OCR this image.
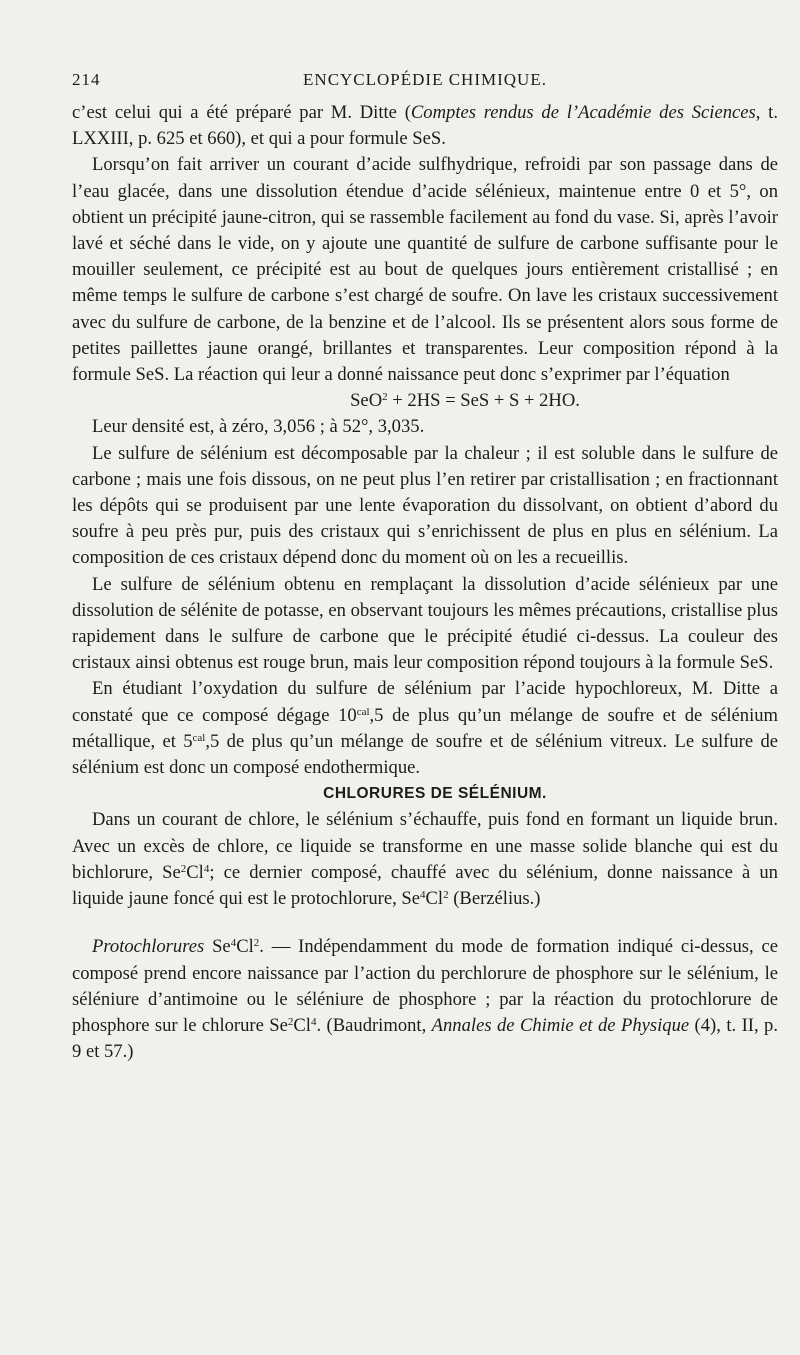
214	ENCYCLOPÉDIE CHIMIQUE.

c’est celui qui a été préparé par M. Ditte (Comptes rendus de l’Académie des Sciences, t. LXXIII, p. 625 et 660), et qui a pour formule SeS.

Lorsqu’on fait arriver un courant d’acide sulfhydrique, refroidi par son passage dans de l’eau glacée, dans une dissolution étendue d’acide sélénieux, maintenue entre 0 et 5°, on obtient un précipité jaune-citron, qui se rassemble facilement au fond du vase. Si, après l’avoir lavé et séché dans le vide, on y ajoute une quantité de sulfure de carbone suffisante pour le mouiller seulement, ce précipité est au bout de quelques jours entièrement cristallisé ; en même temps le sulfure de carbone s’est chargé de soufre. On lave les cristaux successivement avec du sulfure de carbone, de la benzine et de l’alcool. Ils se présentent alors sous forme de petites paillettes jaune orangé, brillantes et transparentes. Leur composition répond à la formule SeS. La réaction qui leur a donné naissance peut donc s’exprimer par l’équation

SeO$^2$ + 2HS = SeS + S + 2HO.

Leur densité est, à zéro, 3,056 ; à 52°, 3,035.

Le sulfure de sélénium est décomposable par la chaleur ; il est soluble dans le sulfure de carbone ; mais une fois dissous, on ne peut plus l’en retirer par cristallisation ; en fractionnant les dépôts qui se produisent par une lente évaporation du dissolvant, on obtient d’abord du soufre à peu près pur, puis des cristaux qui s’enrichissent de plus en plus en sélénium. La composition de ces cristaux dépend donc du moment où on les a recueillis.

Le sulfure de sélénium obtenu en remplaçant la dissolution d’acide sélénieux par une dissolution de sélénite de potasse, en observant toujours les mêmes précautions, cristallise plus rapidement dans le sulfure de carbone que le précipité étudié ci-dessus. La couleur des cristaux ainsi obtenus est rouge brun, mais leur composition répond toujours à la formule SeS.

En étudiant l’oxydation du sulfure de sélénium par l’acide hypochloreux, M. Ditte a constaté que ce composé dégage $10^{cal},5$ de plus qu’un mélange de soufre et de sélénium métallique, et $5^{cal},5$ de plus qu’un mélange de soufre et de sélénium vitreux. Le sulfure de sélénium est donc un composé endothermique.

CHLORURES DE SÉLÉNIUM.

Dans un courant de chlore, le sélénium s’échauffe, puis fond en formant un liquide brun. Avec un excès de chlore, ce liquide se transforme en une masse solide blanche qui est du bichlorure, Se$^2$Cl$^4$; ce dernier composé, chauffé avec du sélénium, donne naissance à un liquide jaune foncé qui est le protochlorure, Se$^4$Cl$^2$ (Berzélius.)

Protochlorures Se$^4$Cl$^2$. — Indépendamment du mode de formation indiqué ci-dessus, ce composé prend encore naissance par l’action du perchlorure de phosphore sur le sélénium, le séléniure d’antimoine ou le séléniure de phosphore ; par la réaction du protochlorure de phosphore sur le chlorure Se$^2$Cl$^4$. (Baudrimont, Annales de Chimie et de Physique (4), t. II, p. 9 et 57.)
